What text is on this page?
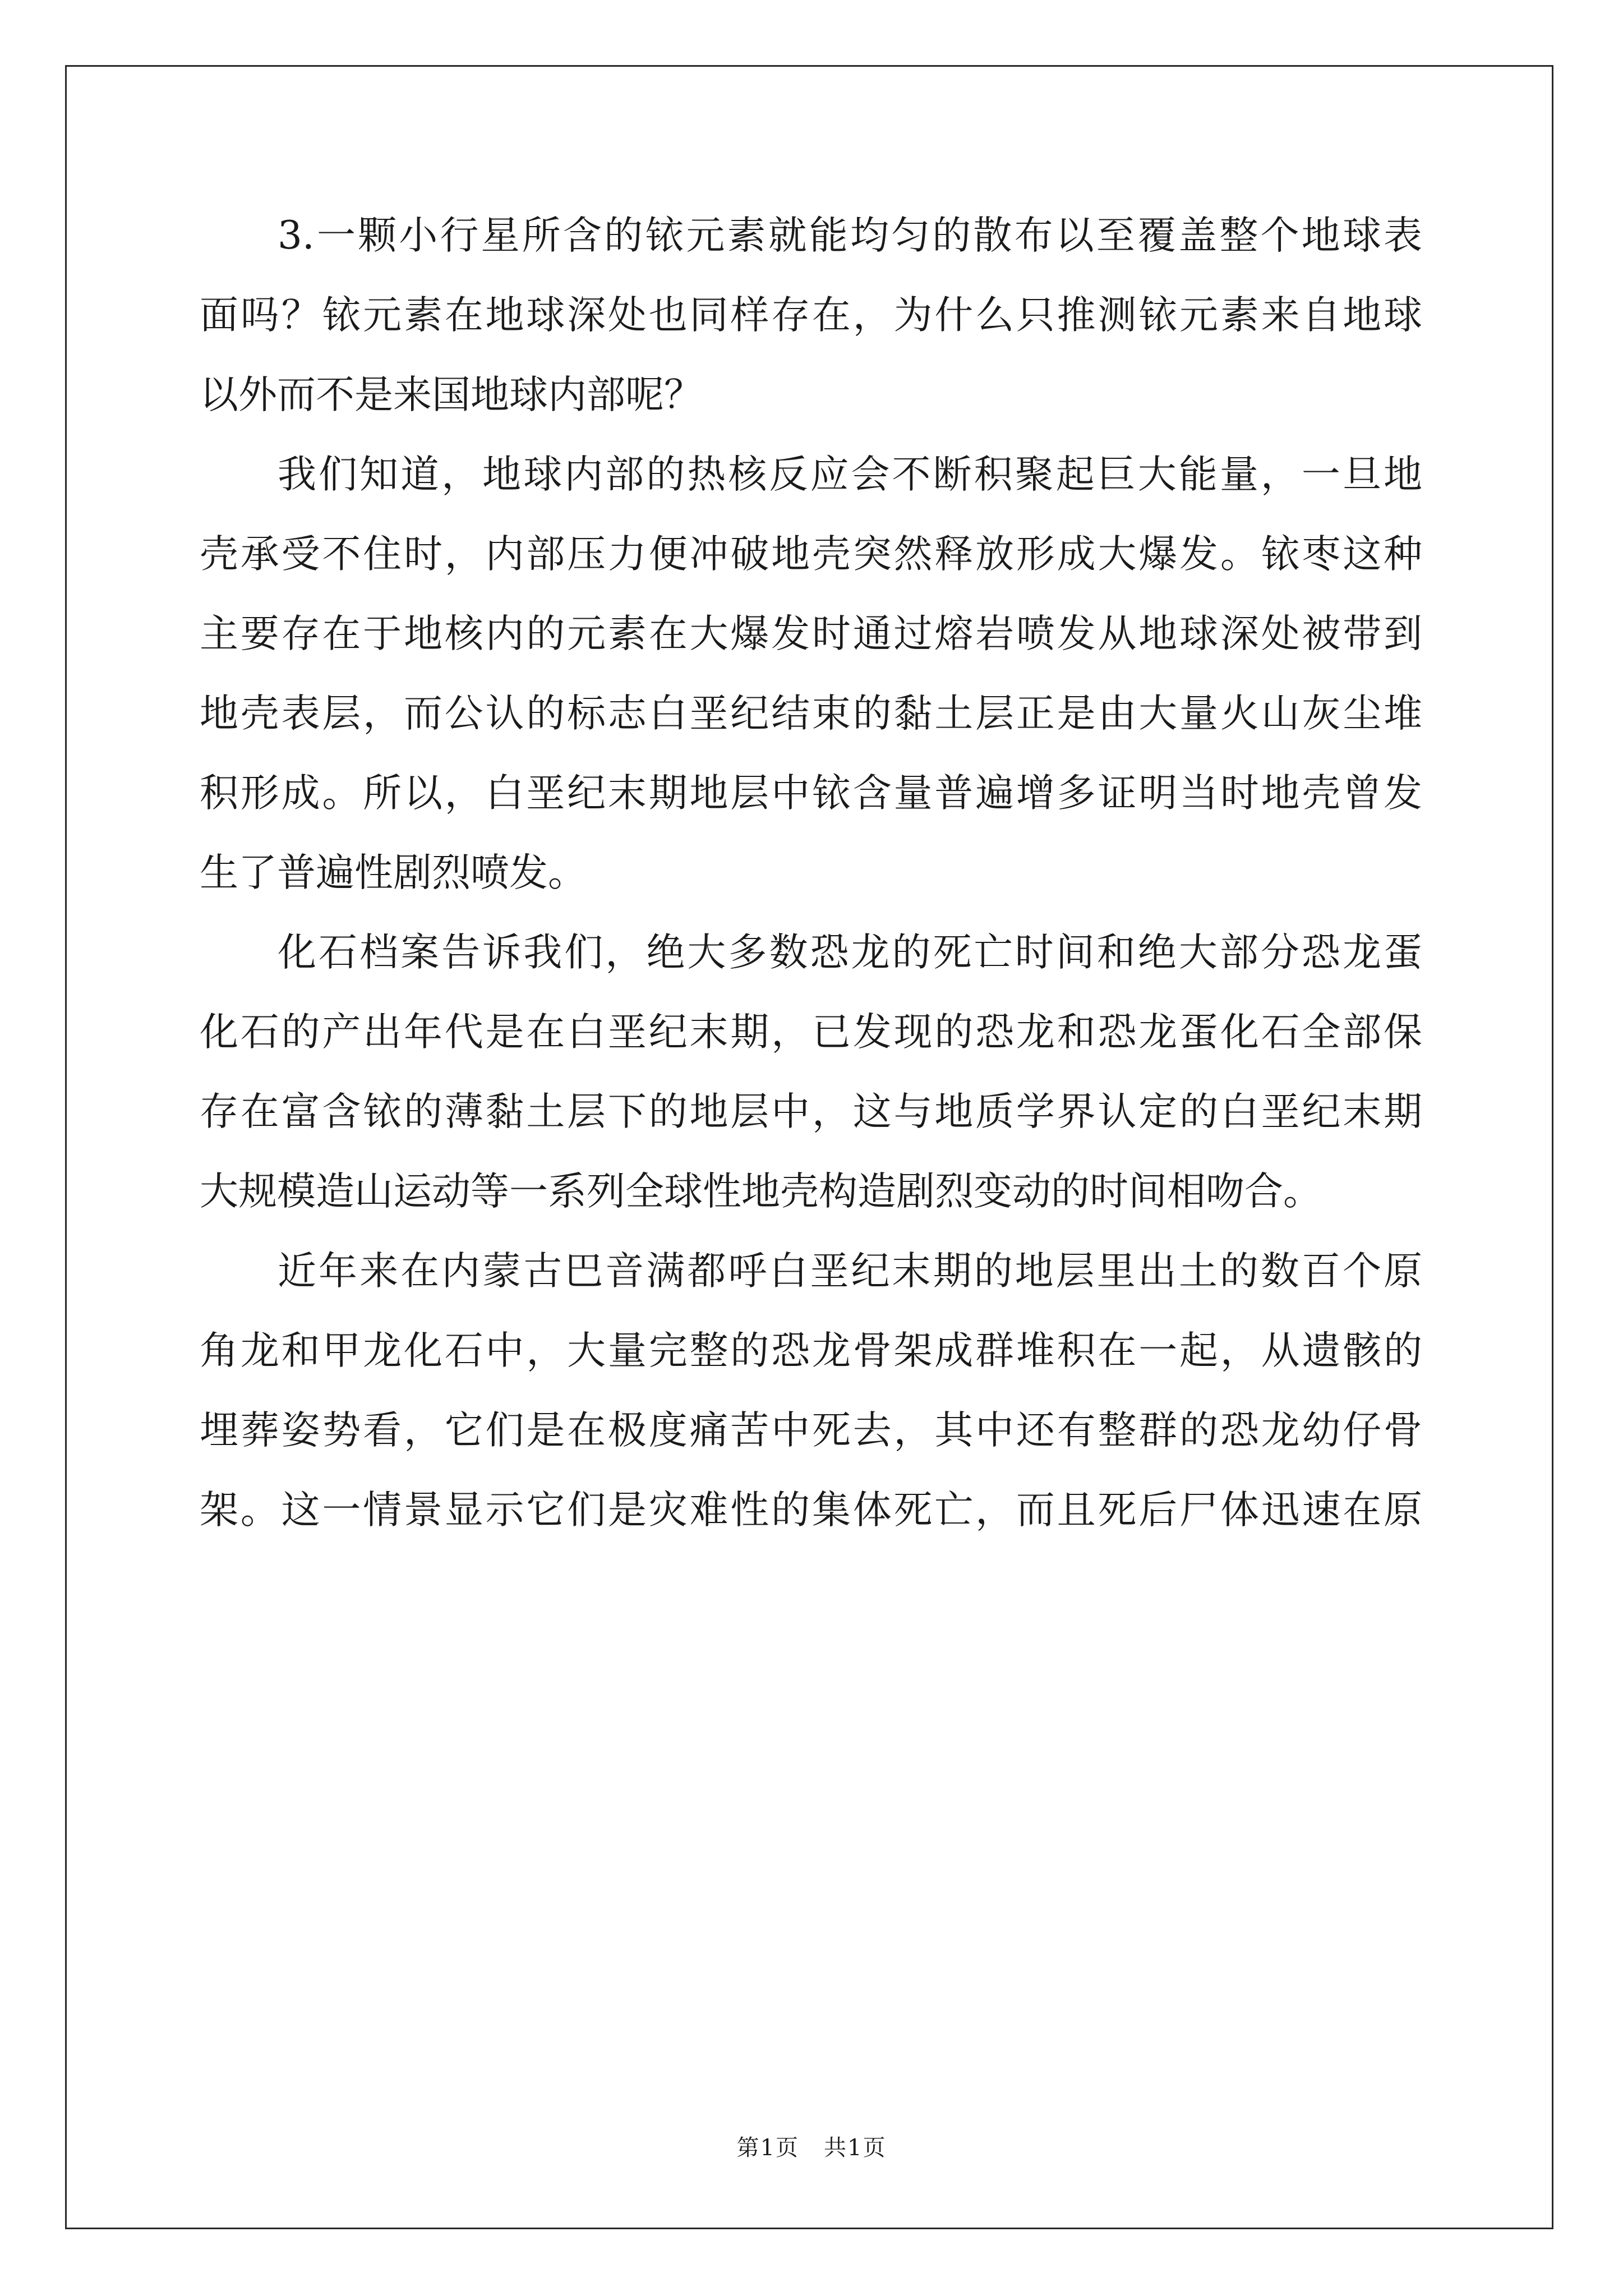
3.一颗小行星所含的铱元素就能均匀的散布以至覆盖整个地球表
面吗？铱元素在地球深处也同样存在，为什么只推测铱元素来自地球
以外而不是来国地球内部呢？
我们知道，地球内部的热核反应会不断积聚起巨大能量，一旦地
壳承受不住时，内部压力便冲破地壳突然释放形成大爆发。铱枣这种
主要存在于地核内的元素在大爆发时通过熔岩喷发从地球深处被带到
地壳表层，而公认的标志白垩纪结束的黏土层正是由大量火山灰尘堆
积形成。所以，白垩纪末期地层中铱含量普遍增多证明当时地壳曾发
生了普遍性剧烈喷发。
化石档案告诉我们，绝大多数恐龙的死亡时间和绝大部分恐龙蛋
化石的产出年代是在白垩纪末期，已发现的恐龙和恐龙蛋化石全部保
存在富含铱的薄黏土层下的地层中，这与地质学界认定的白垩纪末期
大规模造山运动等一系列全球性地壳构造剧烈变动的时间相吻合。
近年来在内蒙古巴音满都呼白垩纪末期的地层里出土的数百个原
角龙和甲龙化石中，大量完整的恐龙骨架成群堆积在一起，从遗骸的
埋葬姿势看，它们是在极度痛苦中死去，其中还有整群的恐龙幼仔骨
架。这一情景显示它们是灾难性的集体死亡，而且死后尸体迅速在原
第1页 共1页
